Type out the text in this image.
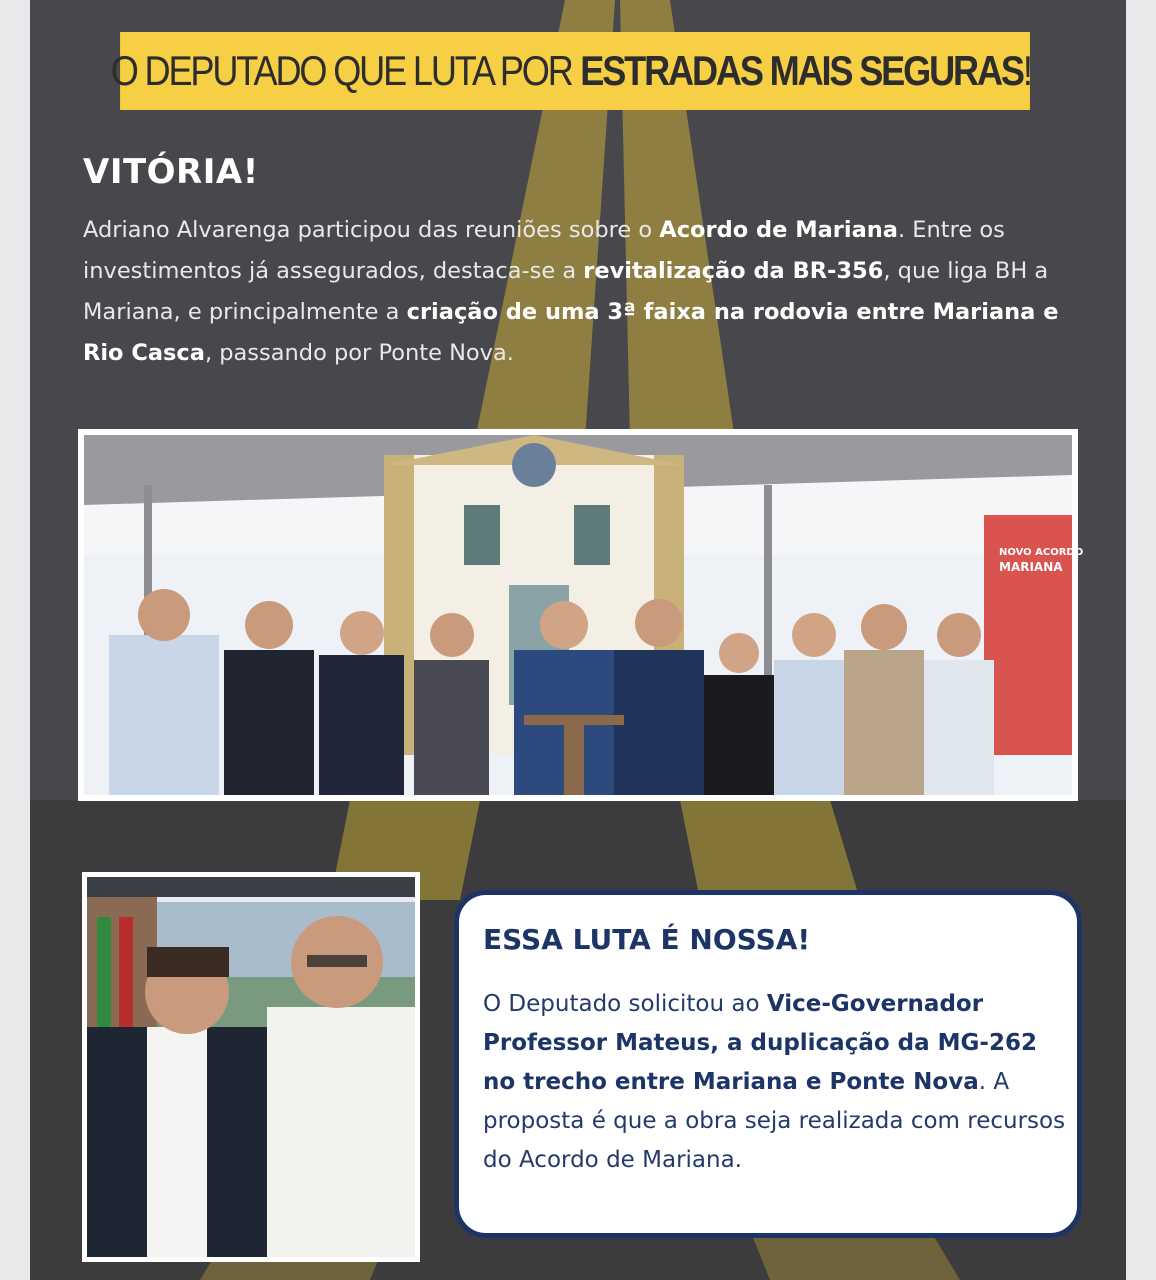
O DEPUTADO QUE LUTA POR ESTRADAS MAIS SEGURAS !
VITÓRIA!

Adriano Alvarenga participou das reuniões sobre o Acordo de Mariana. Entre os investimentos já assegurados, destaca-se a revitalização da BR-356, que liga BH a Mariana, e principalmente a criação de uma 3ª faixa na rodovia entre Mariana e Rio Casca, passando por Ponte Nova.

NOVO ACORDO
MARIANA
ESSA LUTA É NOSSA!

O Deputado solicitou ao Vice-Governador Professor Mateus, a duplicação da MG-262 no trecho entre Mariana e Ponte Nova. A proposta é que a obra seja realizada com recursos do Acordo de Mariana.
